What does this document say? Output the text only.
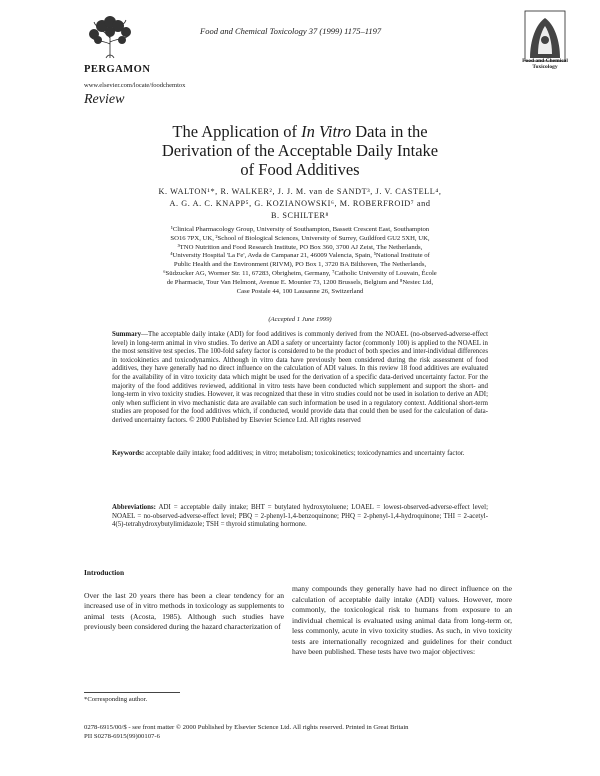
Food and Chemical Toxicology 37 (1999) 1175–1197
PERGAMON
Food and Chemical Toxicology
www.elsevier.com/locate/foodchemtox
Review
The Application of In Vitro Data in the
Derivation of the Acceptable Daily Intake
of Food Additives
K. WALTON¹*, R. WALKER², J. J. M. van de SANDT³, J. V. CASTELL⁴,
A. G. A. C. KNAPP⁵, G. KOZIANOWSKI⁶, M. ROBERFROID⁷ and
B. SCHILTER⁸
¹Clinical Pharmacology Group, University of Southampton, Bassett Crescent East, Southampton
SO16 7PX, UK, ²School of Biological Sciences, University of Surrey, Guildford GU2 5XH, UK,
³TNO Nutrition and Food Research Institute, PO Box 360, 3700 AJ Zeist, The Netherlands,
⁴University Hospital 'La Fe', Avda de Campanar 21, 46009 Valencia, Spain, ⁵National Institute of
Public Health and the Environment (RIVM), PO Box 1, 3720 BA Bilthoven, The Netherlands,
⁶Südzucker AG, Wormer Str. 11, 67283, Obrigheim, Germany, ⁷Catholic University of Louvain, École
de Pharmacie, Tour Van Helmont, Avenue E. Mounier 73, 1200 Brussels, Belgium and ⁸Nestec Ltd,
Case Postale 44, 100 Lausanne 26, Switzerland
(Accepted 1 June 1999)
Summary—The acceptable daily intake (ADI) for food additives is commonly derived from the NOAEL (no-observed-adverse-effect level) in long-term animal in vivo studies. To derive an ADI a safety or uncertainty factor (commonly 100) is applied to the NOAEL in the most sensitive test species. The 100-fold safety factor is considered to be the product of both species and inter-individual differences in toxicokinetics and toxicodynamics. Although in vitro data have previously been considered during the risk assessment of food additives, they have generally had no direct influence on the calculation of ADI values. In this review 18 food additives are evaluated for the availability of in vitro toxicity data which might be used for the derivation of a specific data-derived uncertainty factor. For the majority of the food additives reviewed, additional in vitro tests have been conducted which supplement and support the short- and long-term in vivo toxicity studies. However, it was recognized that these in vitro studies could not be used in isolation to derive an ADI; only when sufficient in vivo mechanistic data are available can such information be used in a regulatory context. Additional short-term studies are proposed for the food additives which, if conducted, would provide data that could then be used for the calculation of data-derived uncertainty factors. © 2000 Published by Elsevier Science Ltd. All rights reserved
Keywords: acceptable daily intake; food additives; in vitro; metabolism; toxicokinetics; toxicodynamics and uncertainty factor.
Abbreviations: ADI = acceptable daily intake; BHT = butylated hydroxytoluene; LOAEL = lowest-observed-adverse-effect level; NOAEL = no-observed-adverse-effect level; PBQ = 2-phenyl-1,4-benzoquinone; PHQ = 2-phenyl-1,4-hydroquinone; THI = 2-acetyl-4(5)-tetrahydroxybutylimidazole; TSH = thyroid stimulating hormone.
Introduction
Over the last 20 years there has been a clear tendency for an increased use of in vitro methods in toxicology as supplements to animal tests (Acosta, 1985). Although such studies have previously been considered during the hazard characterization of
many compounds they generally have had no direct influence on the calculation of acceptable daily intake (ADI) values. However, more commonly, the toxicological risk to humans from exposure to an individual chemical is evaluated using animal data from long-term or, less commonly, acute in vivo toxicity studies. As such, in vivo toxicity tests are internationally recognized and guidelines for their conduct have been published. These tests have two major objectives:
*Corresponding author.
0278-6915/00/$ - see front matter © 2000 Published by Elsevier Science Ltd. All rights reserved. Printed in Great Britain
PII S0278-6915(99)00107-6
